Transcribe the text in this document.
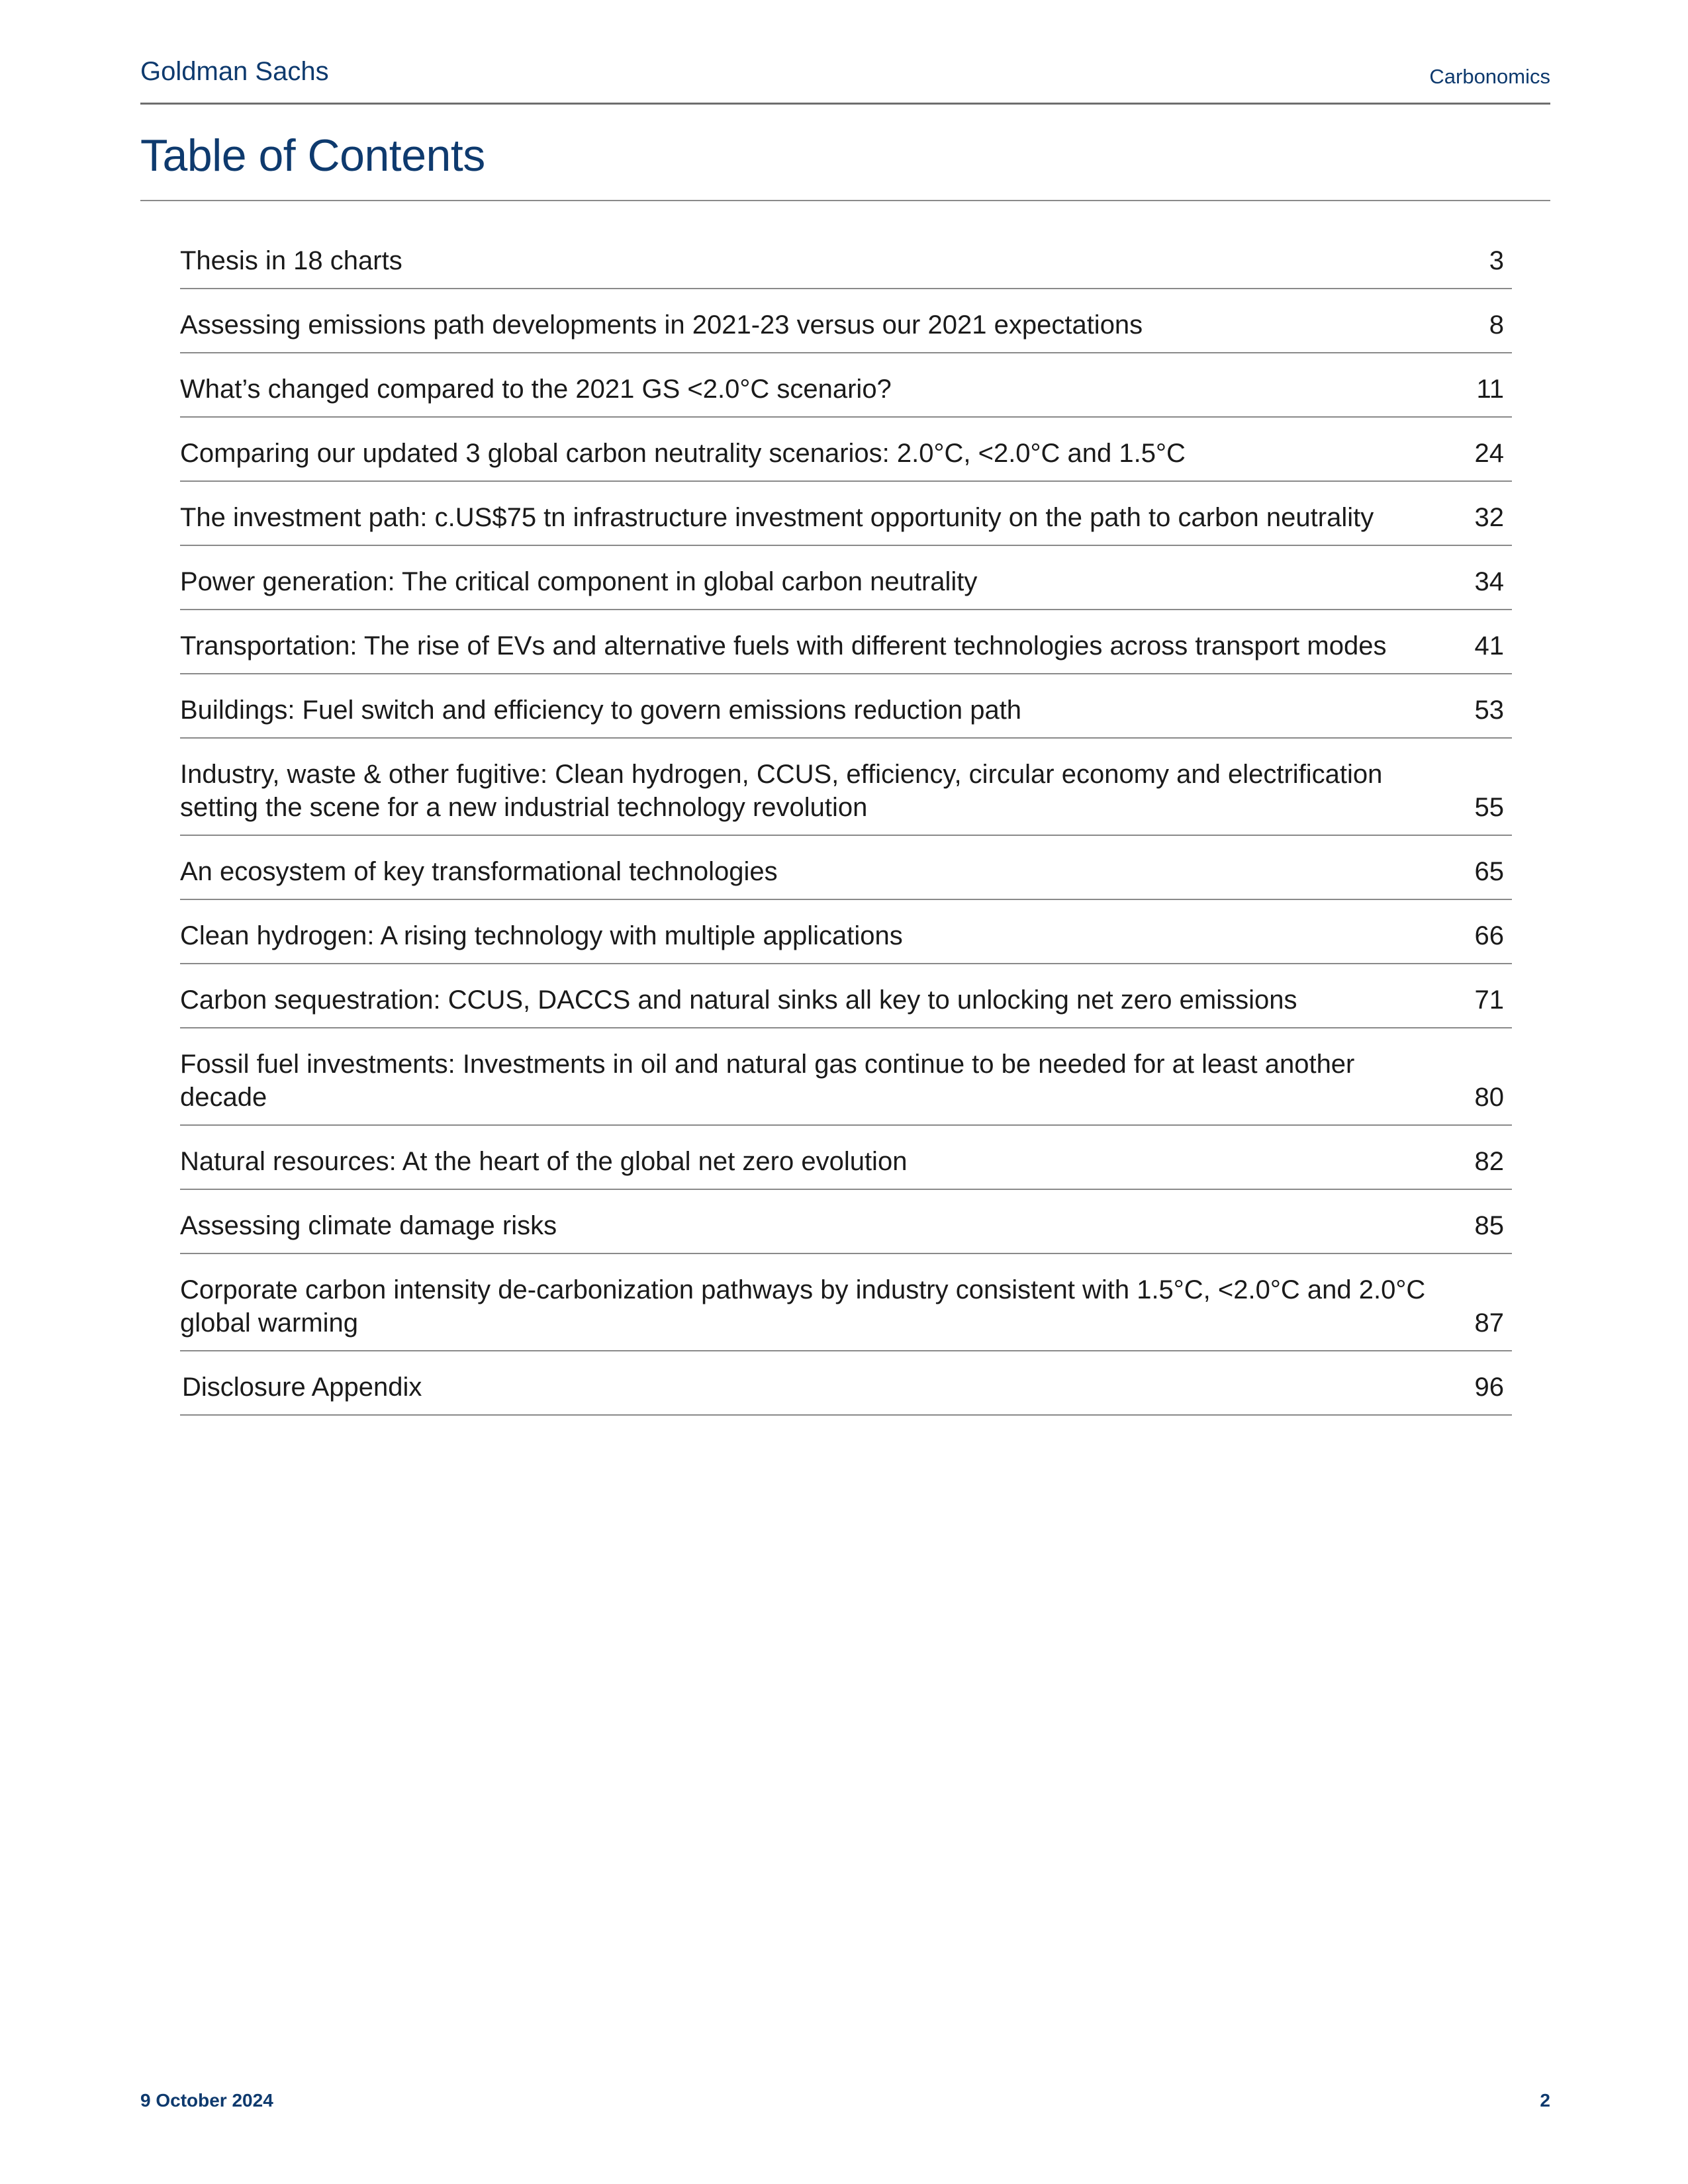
Goldman Sachs	Carbonomics
Table of Contents
Thesis in 18 charts	3
Assessing emissions path developments in 2021-23 versus our 2021 expectations	8
What’s changed compared to the 2021 GS <2.0°C scenario?	11
Comparing our updated 3 global carbon neutrality scenarios: 2.0°C, <2.0°C and 1.5°C	24
The investment path: c.US$75 tn infrastructure investment opportunity on the path to carbon neutrality	32
Power generation: The critical component in global carbon neutrality	34
Transportation: The rise of EVs and alternative fuels with different technologies across transport modes	41
Buildings: Fuel switch and efficiency to govern emissions reduction path	53
Industry, waste & other fugitive: Clean hydrogen, CCUS, efficiency, circular economy and electrification setting the scene for a new industrial technology revolution	55
An ecosystem of key transformational technologies	65
Clean hydrogen: A rising technology with multiple applications	66
Carbon sequestration: CCUS, DACCS and natural sinks all key to unlocking net zero emissions	71
Fossil fuel investments: Investments in oil and natural gas continue to be needed for at least another decade	80
Natural resources: At the heart of the global net zero evolution	82
Assessing climate damage risks	85
Corporate carbon intensity de-carbonization pathways by industry consistent with 1.5°C, <2.0°C and 2.0°C global warming	87
Disclosure Appendix	96
9 October 2024	2
